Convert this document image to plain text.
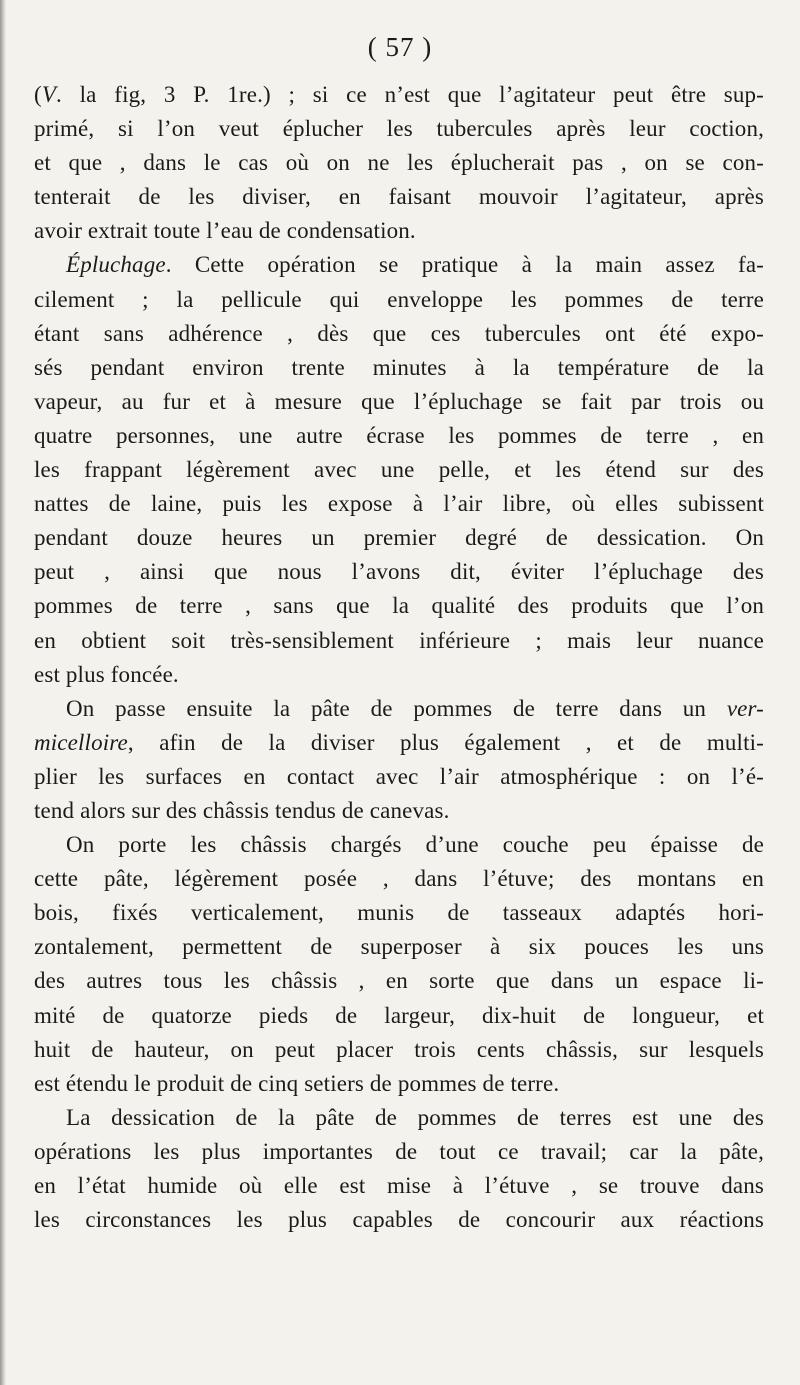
( 57 )
(V. la fig, 3 P. 1re.) ; si ce n’est que l’agitateur peut être sup-
primé, si l’on veut éplucher les tubercules après leur coction,
et que , dans le cas où on ne les éplucherait pas , on se con-
tenterait de les diviser, en faisant mouvoir l’agitateur, après
avoir extrait toute l’eau de condensation.
Épluchage. Cette opération se pratique à la main assez fa-
cilement ; la pellicule qui enveloppe les pommes de terre
étant sans adhérence , dès que ces tubercules ont été expo-
sés pendant environ trente minutes à la température de la
vapeur, au fur et à mesure que l’épluchage se fait par trois ou
quatre personnes, une autre écrase les pommes de terre , en
les frappant légèrement avec une pelle, et les étend sur des
nattes de laine, puis les expose à l’air libre, où elles subissent
pendant douze heures un premier degré de dessication. On
peut , ainsi que nous l’avons dit, éviter l’épluchage des
pommes de terre , sans que la qualité des produits que l’on
en obtient soit très-sensiblement inférieure ; mais leur nuance
est plus foncée.
On passe ensuite la pâte de pommes de terre dans un ver-
micelloire, afin de la diviser plus également , et de multi-
plier les surfaces en contact avec l’air atmosphérique : on l’é-
tend alors sur des châssis tendus de canevas.
On porte les châssis chargés d’une couche peu épaisse de
cette pâte, légèrement posée , dans l’étuve; des montans en
bois, fixés verticalement, munis de tasseaux adaptés hori-
zontalement, permettent de superposer à six pouces les uns
des autres tous les châssis , en sorte que dans un espace li-
mité de quatorze pieds de largeur, dix-huit de longueur, et
huit de hauteur, on peut placer trois cents châssis, sur lesquels
est étendu le produit de cinq setiers de pommes de terre.
La dessication de la pâte de pommes de terres est une des
opérations les plus importantes de tout ce travail; car la pâte,
en l’état humide où elle est mise à l’étuve , se trouve dans
les circonstances les plus capables de concourir aux réactions
